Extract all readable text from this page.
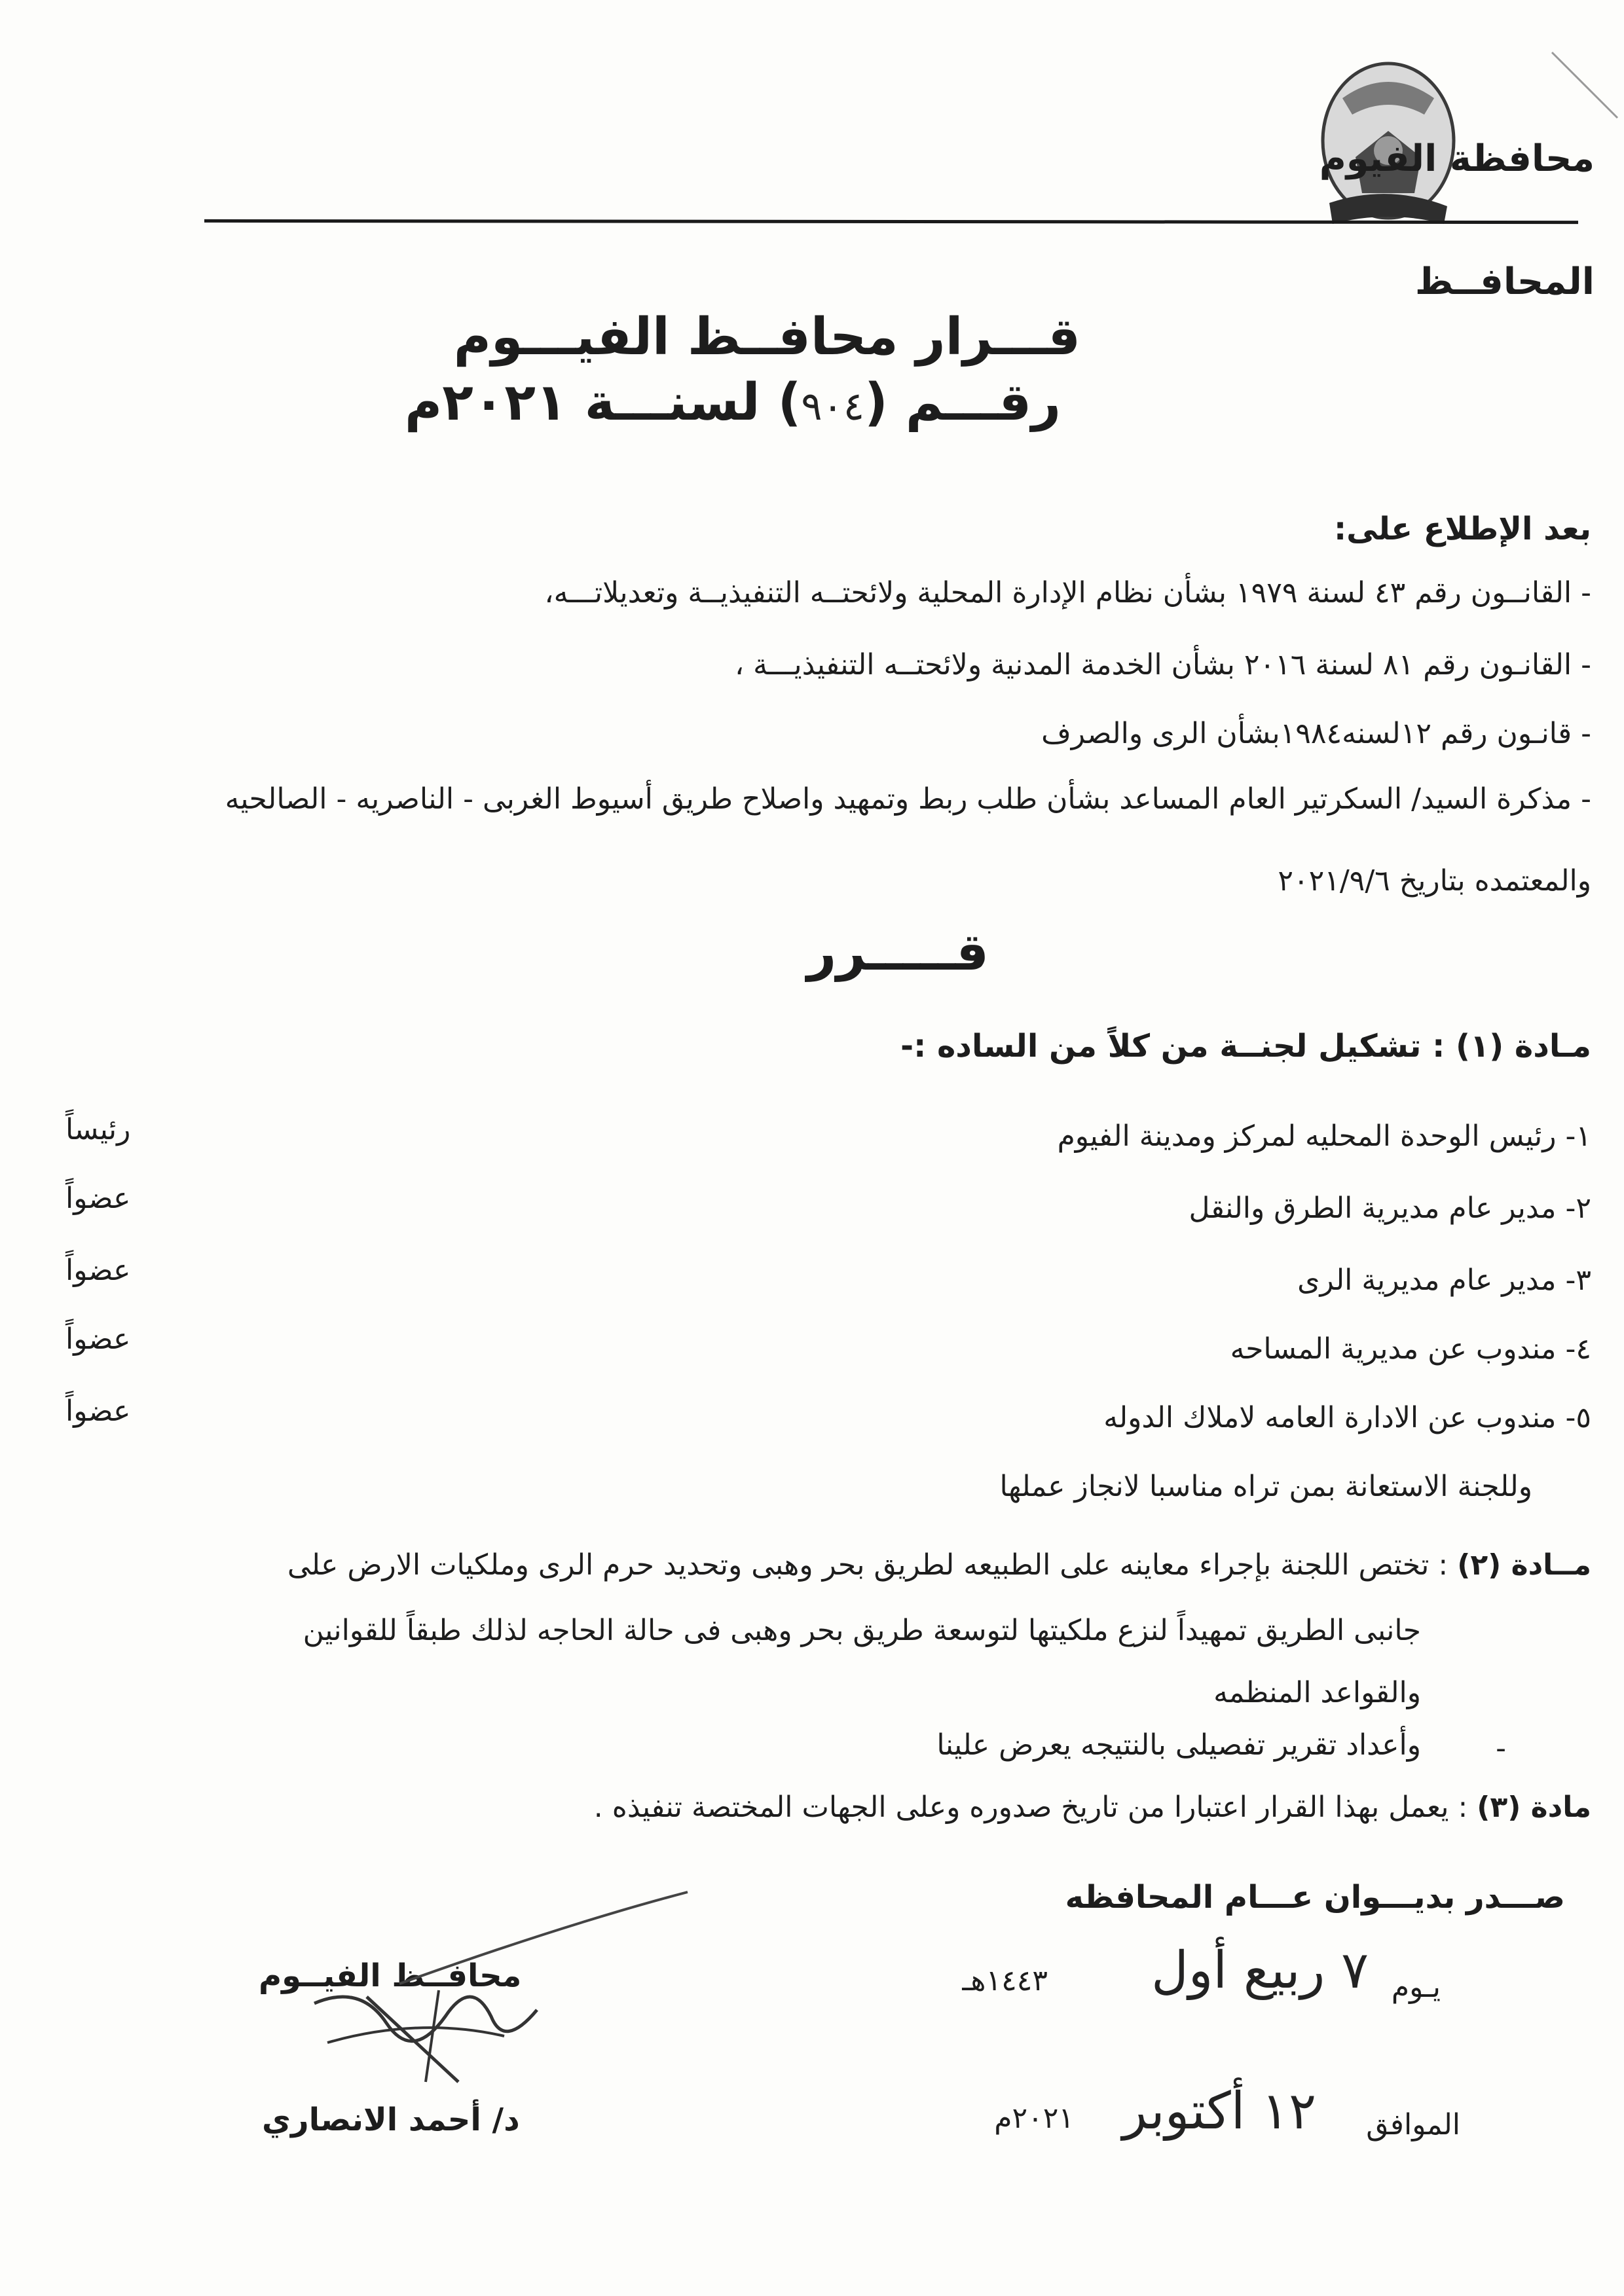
محافظة الفيوم
المحافــظ
قـــرار محافــظ الفيـــوم
رقـــم (٩٠٤) لسنـــة ٢٠٢١م
بعد الإطلاع على:
- القانــون رقم ٤٣ لسنة ١٩٧٩ بشأن نظام الإدارة المحلية ولائحتــه التنفيذيــة وتعديلاتـــه،
- القانـون رقم ٨١ لسنة ٢٠١٦ بشأن الخدمة المدنية ولائحتــه التنفيذيـــة ،
- قانـون رقم ١٢لسنه١٩٨٤بشأن الرى والصرف
- مذكرة السيد/ السكرتير العام المساعد بشأن طلب ربط وتمهيد واصلاح طريق أسيوط الغربى - الناصريه - الصالحيه
والمعتمده بتاريخ ٢٠٢١/٩/٦
قـــــرر
مـادة (١) : تشكيل لجنــة من كلاً من الساده :-
١- رئيس الوحدة المحليه لمركز ومدينة الفيوم
رئيساً
٢- مدير عام مديرية الطرق والنقل
عضواً
٣- مدير عام مديرية الرى
عضواً
٤- مندوب عن مديرية المساحه
عضواً
٥- مندوب عن الادارة العامه لاملاك الدوله
عضواً
وللجنة الاستعانة بمن تراه مناسبا لانجاز عملها
مــادة (٢) : تختص اللجنة بإجراء معاينه على الطبيعه لطريق بحر وهبى وتحديد حرم الرى وملكيات الارض على
جانبى الطريق تمهيداً لنزع ملكيتها لتوسعة طريق بحر وهبى فى حالة الحاجه لذلك طبقاً للقوانين
والقواعد المنظمه
-
وأعداد تقرير تفصيلى بالنتيجه يعرض علينا
مادة (٣) : يعمل بهذا القرار اعتبارا من تاريخ صدوره وعلى الجهات المختصة تنفيذه .
صـــدر بديـــوان عـــام المحافظه
يـوم
٧ ربيع أول
١٤٤٣هـ
الموافق
١٢ أكتوبر
٢٠٢١م
محافــظ الفيــوم
د/ أحمد الانصاري
